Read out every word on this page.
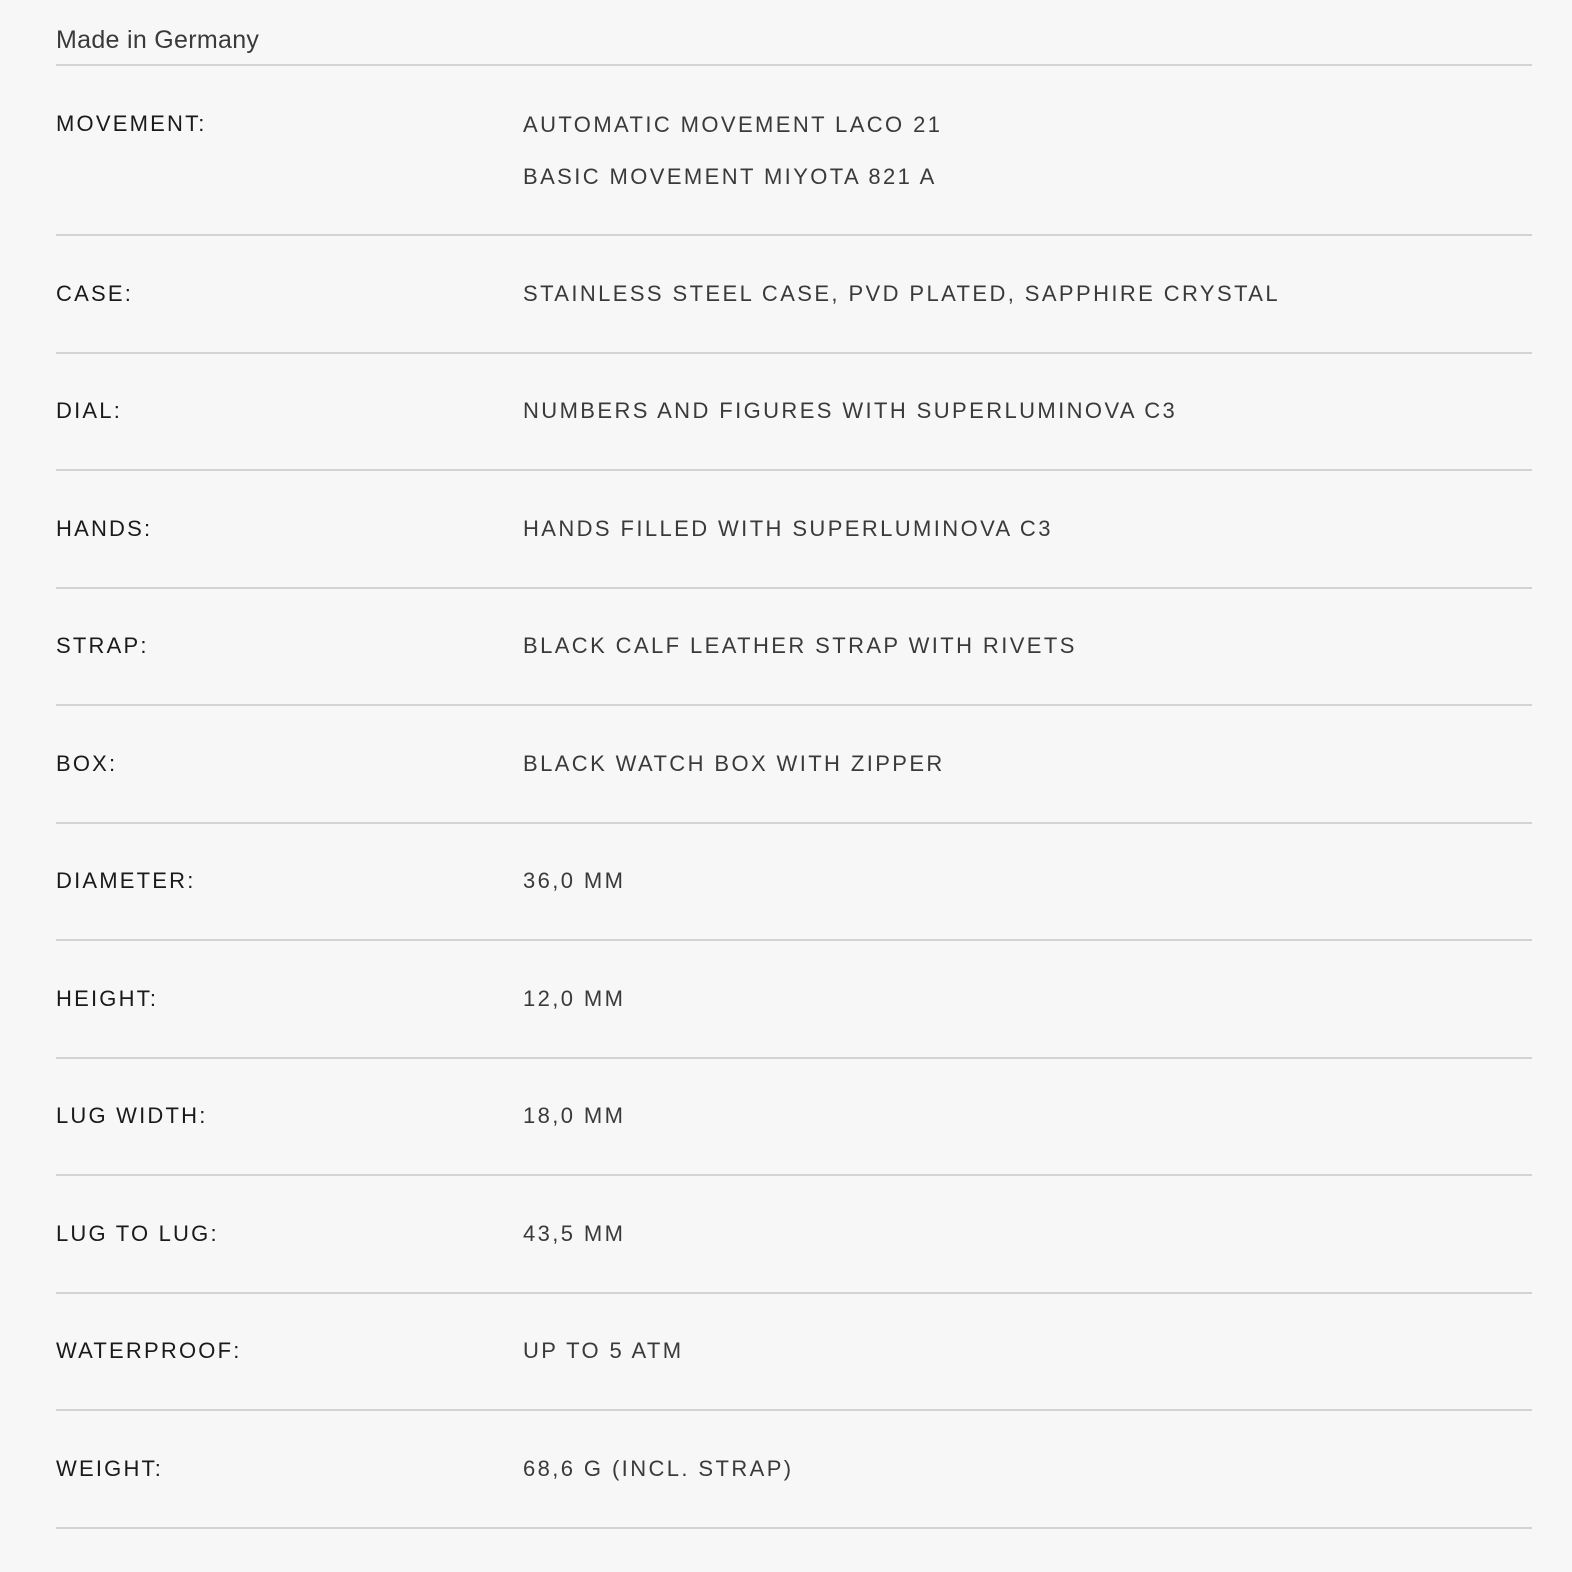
Made in Germany
MOVEMENT:	AUTOMATIC MOVEMENT LACO 21
BASIC MOVEMENT MIYOTA 821 A
CASE:	STAINLESS STEEL CASE, PVD PLATED, SAPPHIRE CRYSTAL
DIAL:	NUMBERS AND FIGURES WITH SUPERLUMINOVA C3
HANDS:	HANDS FILLED WITH SUPERLUMINOVA C3
STRAP:	BLACK CALF LEATHER STRAP WITH RIVETS
BOX:	BLACK WATCH BOX WITH ZIPPER
DIAMETER:	36,0 MM
HEIGHT:	12,0 MM
LUG WIDTH:	18,0 MM
LUG TO LUG:	43,5 MM
WATERPROOF:	UP TO 5 ATM
WEIGHT:	68,6 G (INCL. STRAP)
